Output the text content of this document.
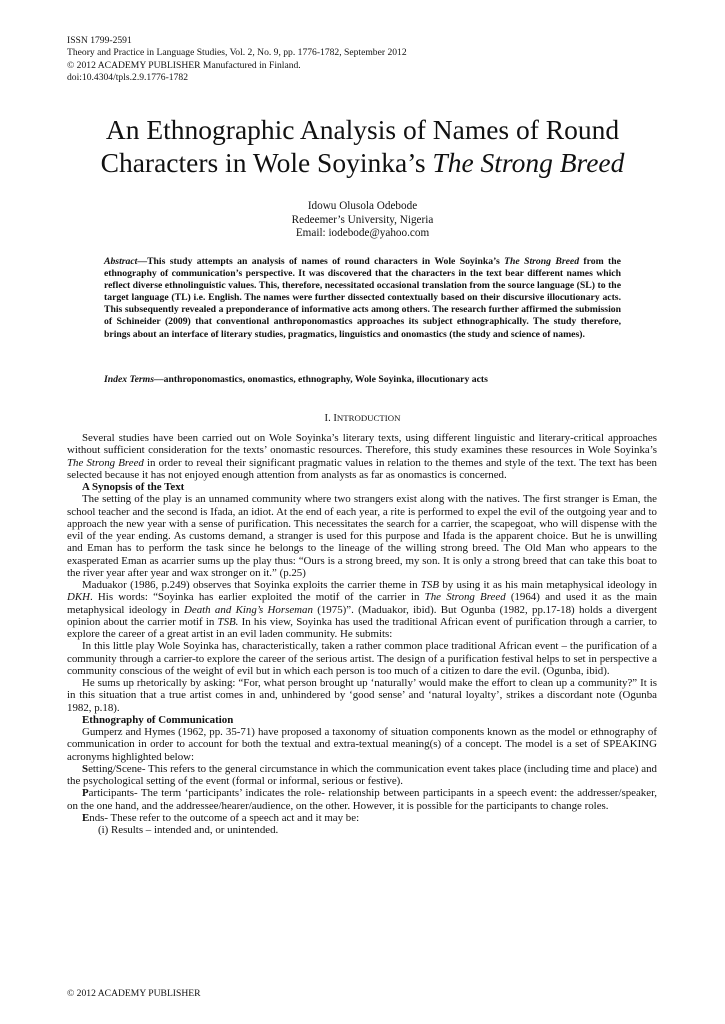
ISSN 1799-2591
Theory and Practice in Language Studies, Vol. 2, No. 9, pp. 1776-1782, September 2012
© 2012 ACADEMY PUBLISHER Manufactured in Finland.
doi:10.4304/tpls.2.9.1776-1782
An Ethnographic Analysis of Names of Round
Characters in Wole Soyinka’s The Strong Breed
Idowu Olusola Odebode
Redeemer’s University, Nigeria
Email: iodebode@yahoo.com
Abstract—This study attempts an analysis of names of round characters in Wole Soyinka’s The Strong Breed from the ethnography of communication’s perspective. It was discovered that the characters in the text bear different names which reflect diverse ethnolinguistic values. This, therefore, necessitated occasional translation from the source language (SL) to the target language (TL) i.e. English. The names were further dissected contextually based on their discursive illocutionary acts. This subsequently revealed a preponderance of informative acts among others. The research further affirmed the submission of Schineider (2009) that conventional anthroponomastics approaches its subject ethnographically. The study therefore, brings about an interface of literary studies, pragmatics, linguistics and onomastics (the study and science of names).
Index Terms—anthroponomastics, onomastics, ethnography, Wole Soyinka, illocutionary acts
I. INTRODUCTION

Several studies have been carried out on Wole Soyinka’s literary texts, using different linguistic and literary-critical approaches without sufficient consideration for the texts’ onomastic resources. Therefore, this study examines these resources in Wole Soyinka’s The Strong Breed in order to reveal their significant pragmatic values in relation to the themes and style of the text. The text has been selected because it has not enjoyed enough attention from analysts as far as onomastics is concerned.

A Synopsis of the Text

The setting of the play is an unnamed community where two strangers exist along with the natives. The first stranger is Eman, the school teacher and the second is Ifada, an idiot. At the end of each year, a rite is performed to expel the evil of the outgoing year and to approach the new year with a sense of purification. This necessitates the search for a carrier, the scapegoat, who will dispense with the evil of the year ending. As customs demand, a stranger is used for this purpose and Ifada is the apparent choice. But he is unwilling and Eman has to perform the task since he belongs to the lineage of the willing strong breed. The Old Man who appears to the exasperated Eman as acarrier sums up the play thus: “Ours is a strong breed, my son. It is only a strong breed that can take this boat to the river year after year and wax stronger on it.” (p.25)

Maduakor (1986, p.249) observes that Soyinka exploits the carrier theme in TSB by using it as his main metaphysical ideology in DKH. His words: “Soyinka has earlier exploited the motif of the carrier in The Strong Breed (1964) and used it as the main metaphysical ideology in Death and King’s Horseman (1975)”. (Maduakor, ibid). But Ogunba (1982, pp.17-18) holds a divergent opinion about the carrier motif in TSB. In his view, Soyinka has used the traditional African event of purification through a carrier, to explore the career of a great artist in an evil laden community. He submits:

In this little play Wole Soyinka has, characteristically, taken a rather common place traditional African event – the purification of a community through a carrier-to explore the career of the serious artist. The design of a purification festival helps to set in perspective a community conscious of the weight of evil but in which each person is too much of a citizen to dare the evil. (Ogunba, ibid).

He sums up rhetorically by asking: “For, what person brought up ‘naturally’ would make the effort to clean up a community?” It is in this situation that a true artist comes in and, unhindered by ‘good sense’ and ‘natural loyalty’, strikes a discordant note (Ogunba 1982, p.18).

Ethnography of Communication

Gumperz and Hymes (1962, pp. 35-71) have proposed a taxonomy of situation components known as the model or ethnography of communication in order to account for both the textual and extra-textual meaning(s) of a concept. The model is a set of SPEAKING acronyms highlighted below:

Setting/Scene- This refers to the general circumstance in which the communication event takes place (including time and place) and the psychological setting of the event (formal or informal, serious or festive).

Participants- The term ‘participants’ indicates the role- relationship between participants in a speech event: the addresser/speaker, on the one hand, and the addressee/hearer/audience, on the other. However, it is possible for the participants to change roles.

Ends- These refer to the outcome of a speech act and it may be:

(i) Results – intended and, or unintended.

© 2012 ACADEMY PUBLISHER
